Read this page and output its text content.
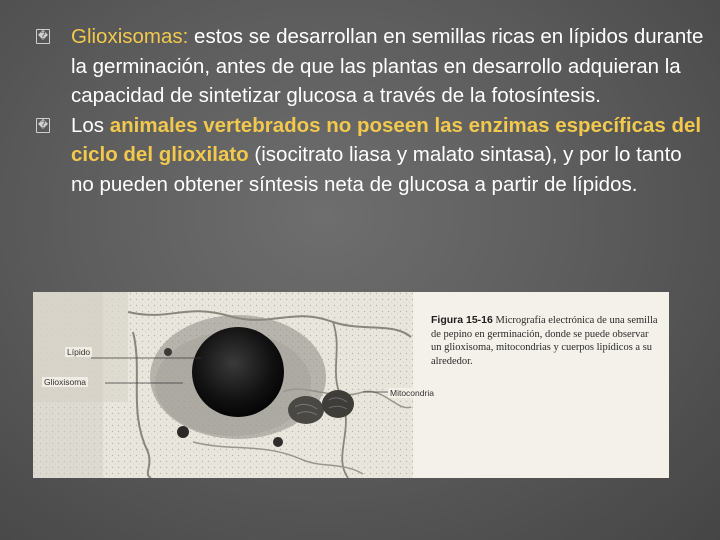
� Glioxisomas: estos se desarrollan en semillas ricas en lípidos durante la germinación, antes de que las plantas en desarrollo adquieran la capacidad de sintetizar glucosa a través de la fotosíntesis.
� Los animales vertebrados no poseen las enzimas específicas del ciclo del glioxilato (isocitrato liasa y malato sintasa), y por lo tanto no pueden obtener síntesis neta de glucosa a partir de lípidos.
Lípido
Glioxisoma
Mitocondria
Figura 15-16 Micrografía electrónica de una semilla de pepino en germinación, donde se puede observar un glioxisoma, mitocondrias y cuerpos lipídicos a su alrededor.
